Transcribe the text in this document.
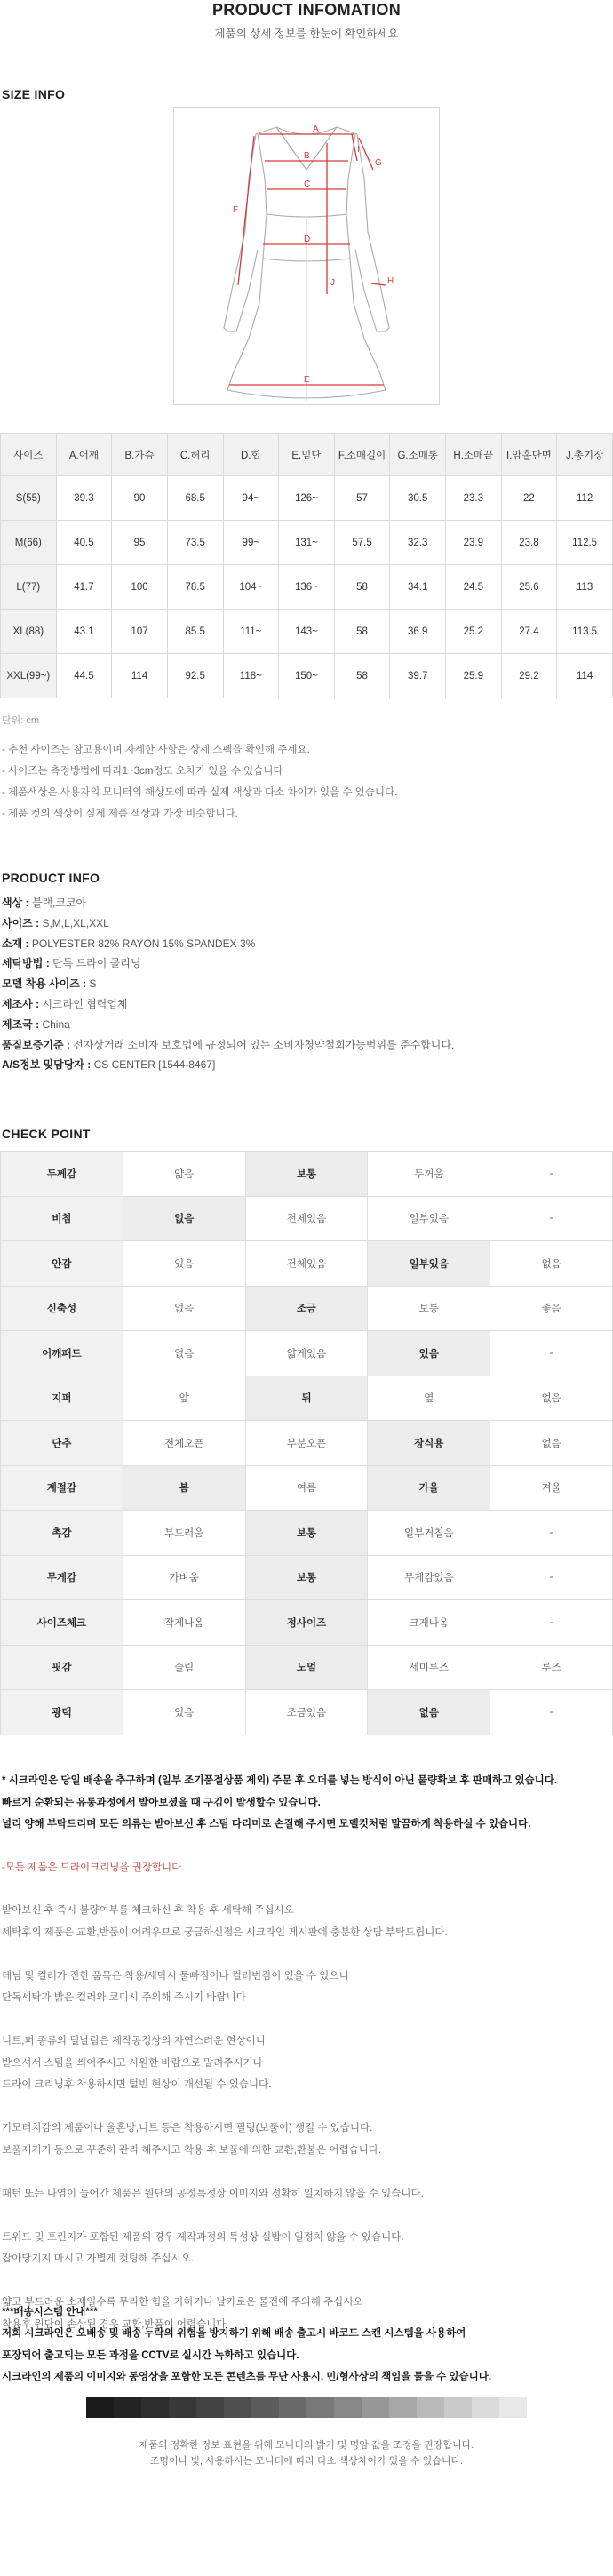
PRODUCT INFOMATION

제품의 상세 정보를 한눈에 확인하세요

SIZE INFO
A
B
C
D
E
F
G
H
I
J
사이즈	A.어깨	B.가슴	C.허리	D.힙	E.밑단	F.소매길이	G.소매통	H.소매끝	I.암홀단면	J.총기장
S(55)	39.3	90	68.5	94~	126~	57	30.5	23.3	22	112
M(66)	40.5	95	73.5	99~	131~	57.5	32.3	23.9	23.8	112.5
L(77)	41.7	100	78.5	104~	136~	58	34.1	24.5	25.6	113
XL(88)	43.1	107	85.5	111~	143~	58	36.9	25.2	27.4	113.5
XXL(99~)	44.5	114	92.5	118~	150~	58	39.7	25.9	29.2	114
단위: cm
- 추천 사이즈는 참고용이며 자세한 사항은 상세 스펙을 확인해 주세요.
- 사이즈는 측정방법에 따라1~3cm정도 오차가 있을 수 있습니다
- 제품색상은 사용자의 모니터의 해상도에 따라 실제 색상과 다소 차이가 있을 수 있습니다.
- 제품 컷의 색상이 실제 제품 색상과 가장 비슷합니다.
PRODUCT INFO
색상 : 블랙,코코아
사이즈 : S,M,L,XL,XXL
소재 : POLYESTER 82% RAYON 15% SPANDEX 3%
세탁방법 : 단독 드라이 클리닝
모델 착용 사이즈 : S
제조사 : 시크라인 협력업체
제조국 : China
품질보증기준 : 전자상거래 소비자 보호법에 규정되어 있는 소비자청약철회가능범위를 준수합니다.
A/S정보 및담당자 : CS CENTER [1544-8467]
CHECK POINT
두께감	얇음	보통	두꺼움	-
비침	없음	전체있음	일부있음	-
안감	있음	전체있음	일부있음	없음
신축성	없음	조금	보통	좋음
어깨패드	없음	얇게있음	있음	-
지퍼	앞	뒤	옆	없음
단추	전체오픈	부분오픈	장식용	없음
계절감	봄	여름	가을	겨울
촉감	부드러움	보통	일부거칠음	-
무게감	가벼움	보통	무게감있음	-
사이즈체크	작게나옴	정사이즈	크게나옴	-
핏감	슬림	노멀	세미루즈	루즈
광택	있음	조금있음	없음	-
* 시크라인은 당일 배송을 추구하며 (일부 조기품절상품 제외) 주문 후 오더를 넣는 방식이 아닌 물량확보 후 판매하고 있습니다.
빠르게 순환되는 유통과정에서 발아보셨을 때 구김이 발생할수 있습니다.
널리 양해 부탁드리며 모든 의류는 받아보신 후 스팀 다리미로 손질해 주시면 모델컷처럼 말끔하게 착용하실 수 있습니다.
-모든 제품은 드라이크리닝을 권장합니다.
받아보신 후 즉시 불량여부를 체크하신 후 착용 후 세탁해 주십시오
세탁후의 제품은 교환,반품이 어려우므로 궁금하신점은 시크라인 게시판에 충분한 상담 부탁드립니다.
데님 및 컬러가 진한 품목은 착용/세탁시 물빠짐이나 컬러번짐이 있을 수 있으니
단독세탁과 밝은 컬러와 코디시 주의해 주시기 바랍니다
니트,퍼 종류의 털날림은 제작공정상의 자연스러운 현상이니
받으셔서 스팀을 씌어주시고 시원한 바람으로 말려주시거나
드라이 크리닝후 착용하시면 털빈 현상이 개선될 수 있습니다.
기모터치감의 제품이나 울혼방,니트 등은 착용하시면 필링(보풀이) 생길 수 있습니다.
보풀제거기 등으로 꾸준히 관리 해주시고 착용 후 보풀에 의한 교환,환불은 어렵습니다.
패턴 또는 나염이 들어간 제품은 원단의 공정특정상 이미지와 정확히 일치하지 않을 수 있습니다.
트위드 및 프린지가 포함된 제품의 경우 제작과정의 특성상 실밥이 일정치 않을 수 있습니다.
잡아당기지 마시고 가볍게 컷팅해 주십시오.
얇고 부드러운 소재일수록 무리한 힘을 가하거나 날카로운 물건에 주의해 주십시오
착용후 원단이 손상된 경우 교환,반품이 어렵습니다
***배송시스템 안내***
저희 시크라인은 오배송 및 배송 누락의 위험을 방지하기 위해 배송 출고시 바코드 스캔 시스템을 사용하여
포장되어 출고되는 모든 과정을 CCTV로 실시간 녹화하고 있습니다.
시크라인의 제품의 이미지와 동영상을 포함한 모든 콘텐츠를 무단 사용시, 민/형사상의 책임을 물을 수 있습니다.
제품의 정확한 정보 표현을 위해 모니터의 밝기 및 명암 값을 조정을 권장합니다.
조명이나 빛, 사용하시는 모니터에 따라 다소 색상차이가 있을 수 있습니다.
